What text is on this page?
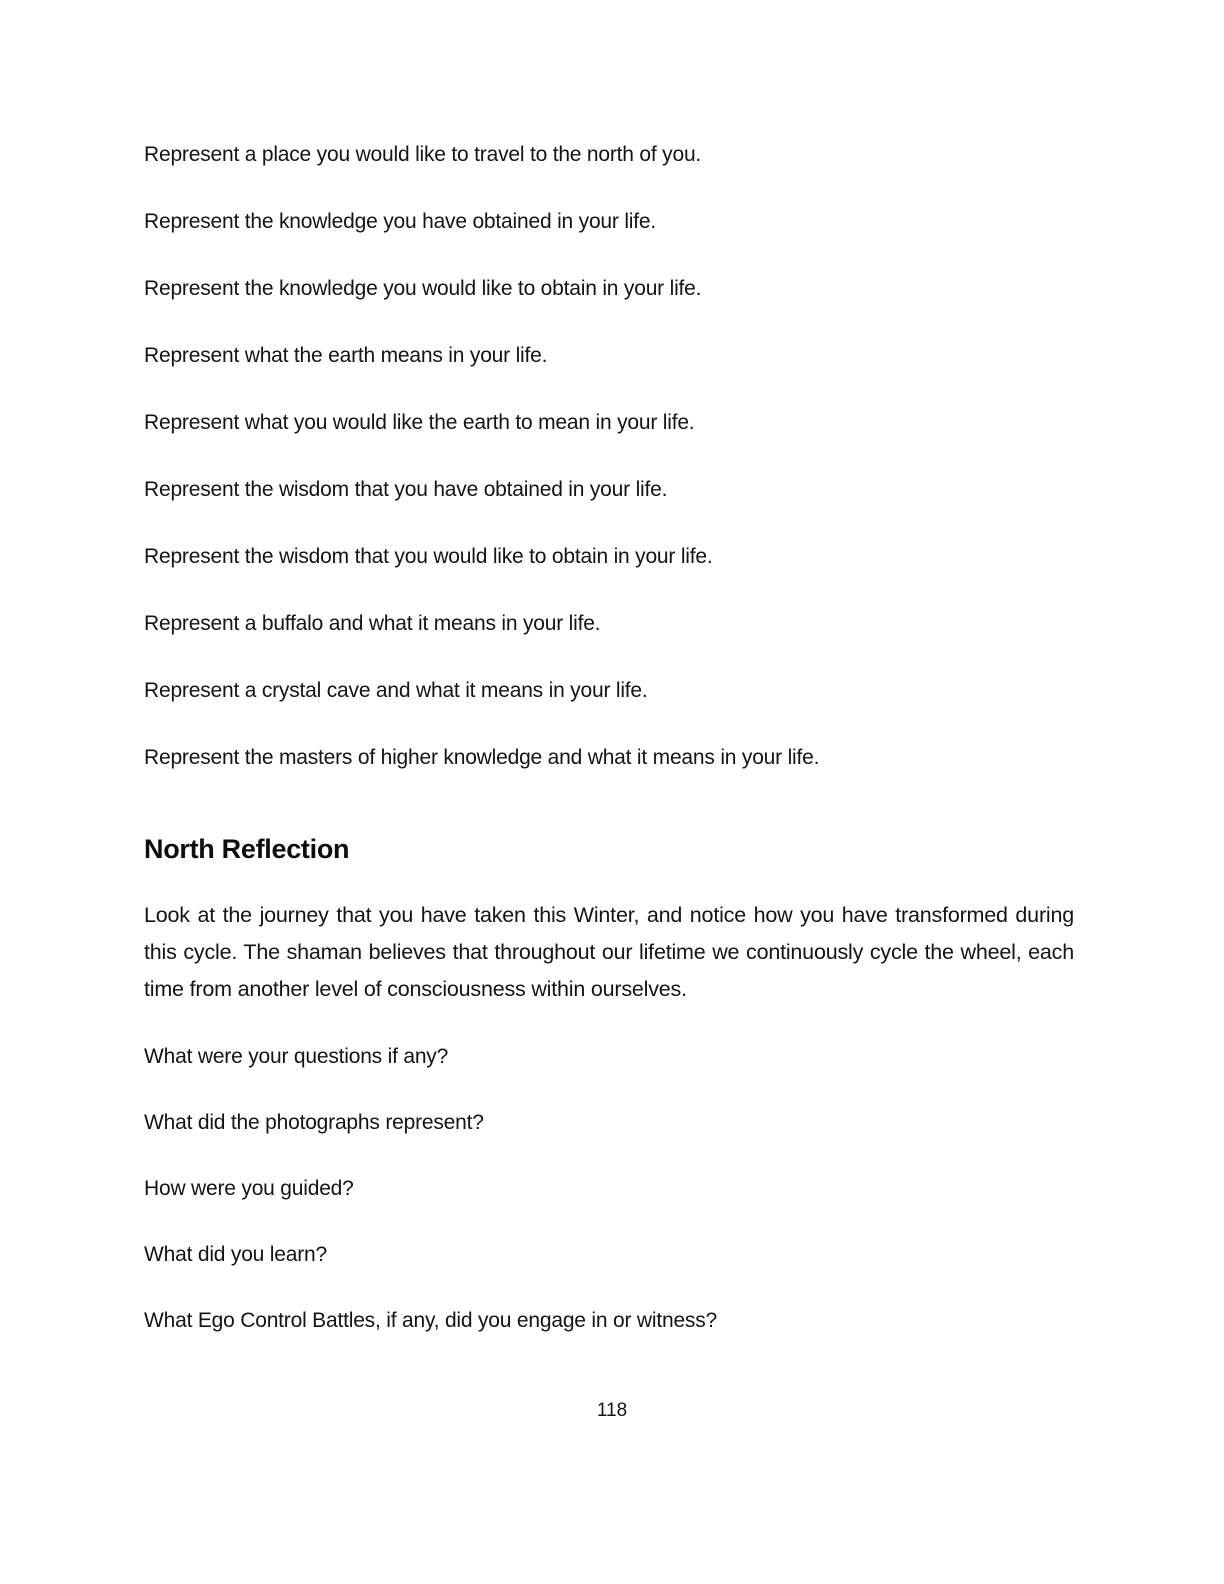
Represent a place you would like to travel to the north of you.

Represent the knowledge you have obtained in your life.

Represent the knowledge you would like to obtain in your life.

Represent what the earth means in your life.

Represent what you would like the earth to mean in your life.

Represent the wisdom that you have obtained in your life.

Represent the wisdom that you would like to obtain in your life.

Represent a buffalo and what it means in your life.

Represent a crystal cave and what it means in your life.

Represent the masters of higher knowledge and what it means in your life.

North Reflection

Look at the journey that you have taken this Winter, and notice how you have transformed during this cycle. The shaman believes that throughout our lifetime we continuously cycle the wheel, each time from another level of consciousness within ourselves.

What were your questions if any?

What did the photographs represent?

How were you guided?

What did you learn?

What Ego Control Battles, if any, did you engage in or witness?

118
